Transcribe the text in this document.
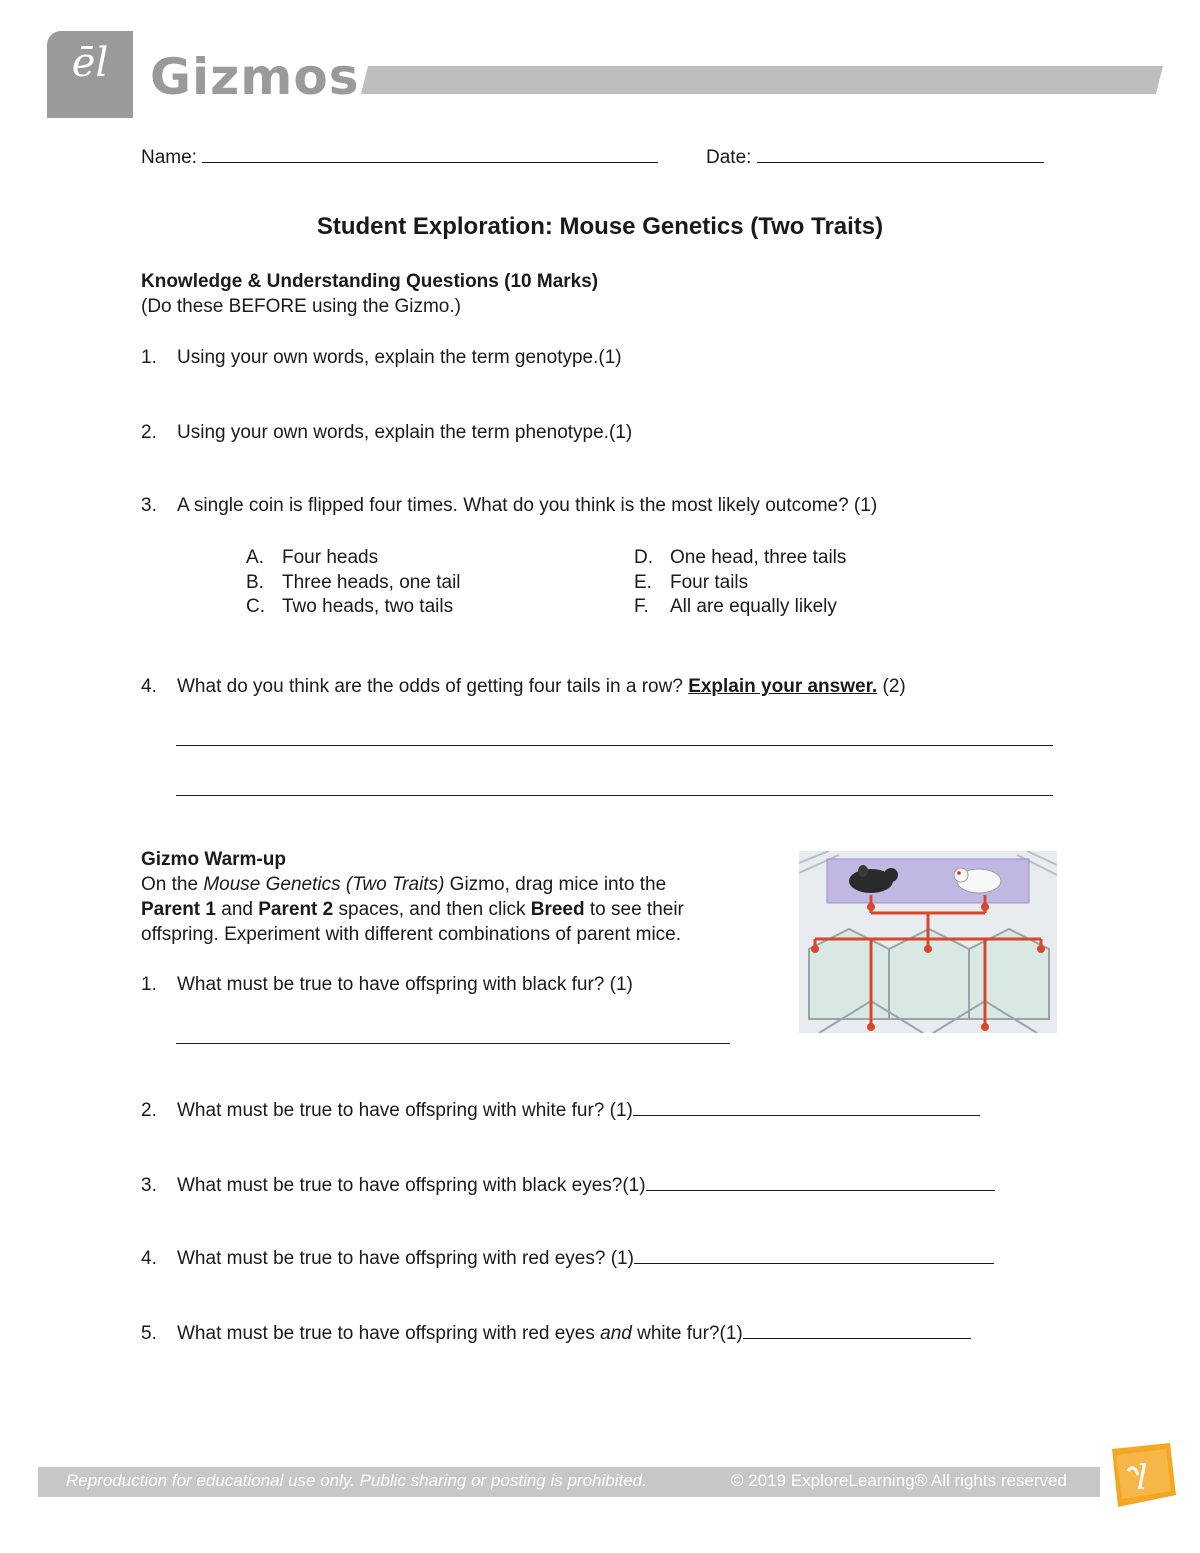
ēl Gizmos
Name:	Date:
Student Exploration: Mouse Genetics (Two Traits)
Knowledge & Understanding Questions (10 Marks)
(Do these BEFORE using the Gizmo.)
1. Using your own words, explain the term genotype.(1)
2. Using your own words, explain the term phenotype.(1)
3. A single coin is flipped four times. What do you think is the most likely outcome? (1)
A. Four heads
B. Three heads, one tail
C. Two heads, two tails
D. One head, three tails
E. Four tails
F. All are equally likely
4. What do you think are the odds of getting four tails in a row? Explain your answer. (2)
Gizmo Warm-up
On the Mouse Genetics (Two Traits) Gizmo, drag mice into the
Parent 1 and Parent 2 spaces, and then click Breed to see their
offspring. Experiment with different combinations of parent mice.
1. What must be true to have offspring with black fur? (1)
2. What must be true to have offspring with white fur? (1)
3. What must be true to have offspring with black eyes?(1)
4. What must be true to have offspring with red eyes? (1)
5. What must be true to have offspring with red eyes and white fur?(1)
Reproduction for educational use only. Public sharing or posting is prohibited.	© 2019 ExploreLearning® All rights reserved l
